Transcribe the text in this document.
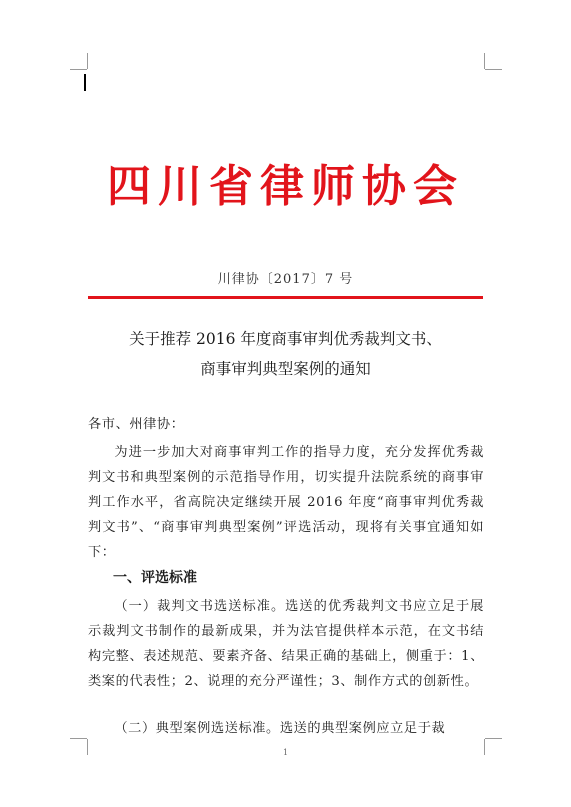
四川省律师协会
川律协〔2017〕7 号
关于推荐 2016 年度商事审判优秀裁判文书、
商事审判典型案例的通知
各市、州律协：

为进一步加大对商事审判工作的指导力度，充分发挥优秀裁判文书和典型案例的示范指导作用，切实提升法院系统的商事审判工作水平，省高院决定继续开展 2016 年度“商事审判优秀裁判文书”、“商事审判典型案例”评选活动，现将有关事宜通知如下：

一、评选标准

（一）裁判文书选送标准。选送的优秀裁判文书应立足于展示裁判文书制作的最新成果，并为法官提供样本示范，在文书结构完整、表述规范、要素齐备、结果正确的基础上，侧重于：1、类案的代表性；2、说理的充分严谨性；3、制作方式的创新性。

（二）典型案例选送标准。选送的典型案例应立足于裁

1
